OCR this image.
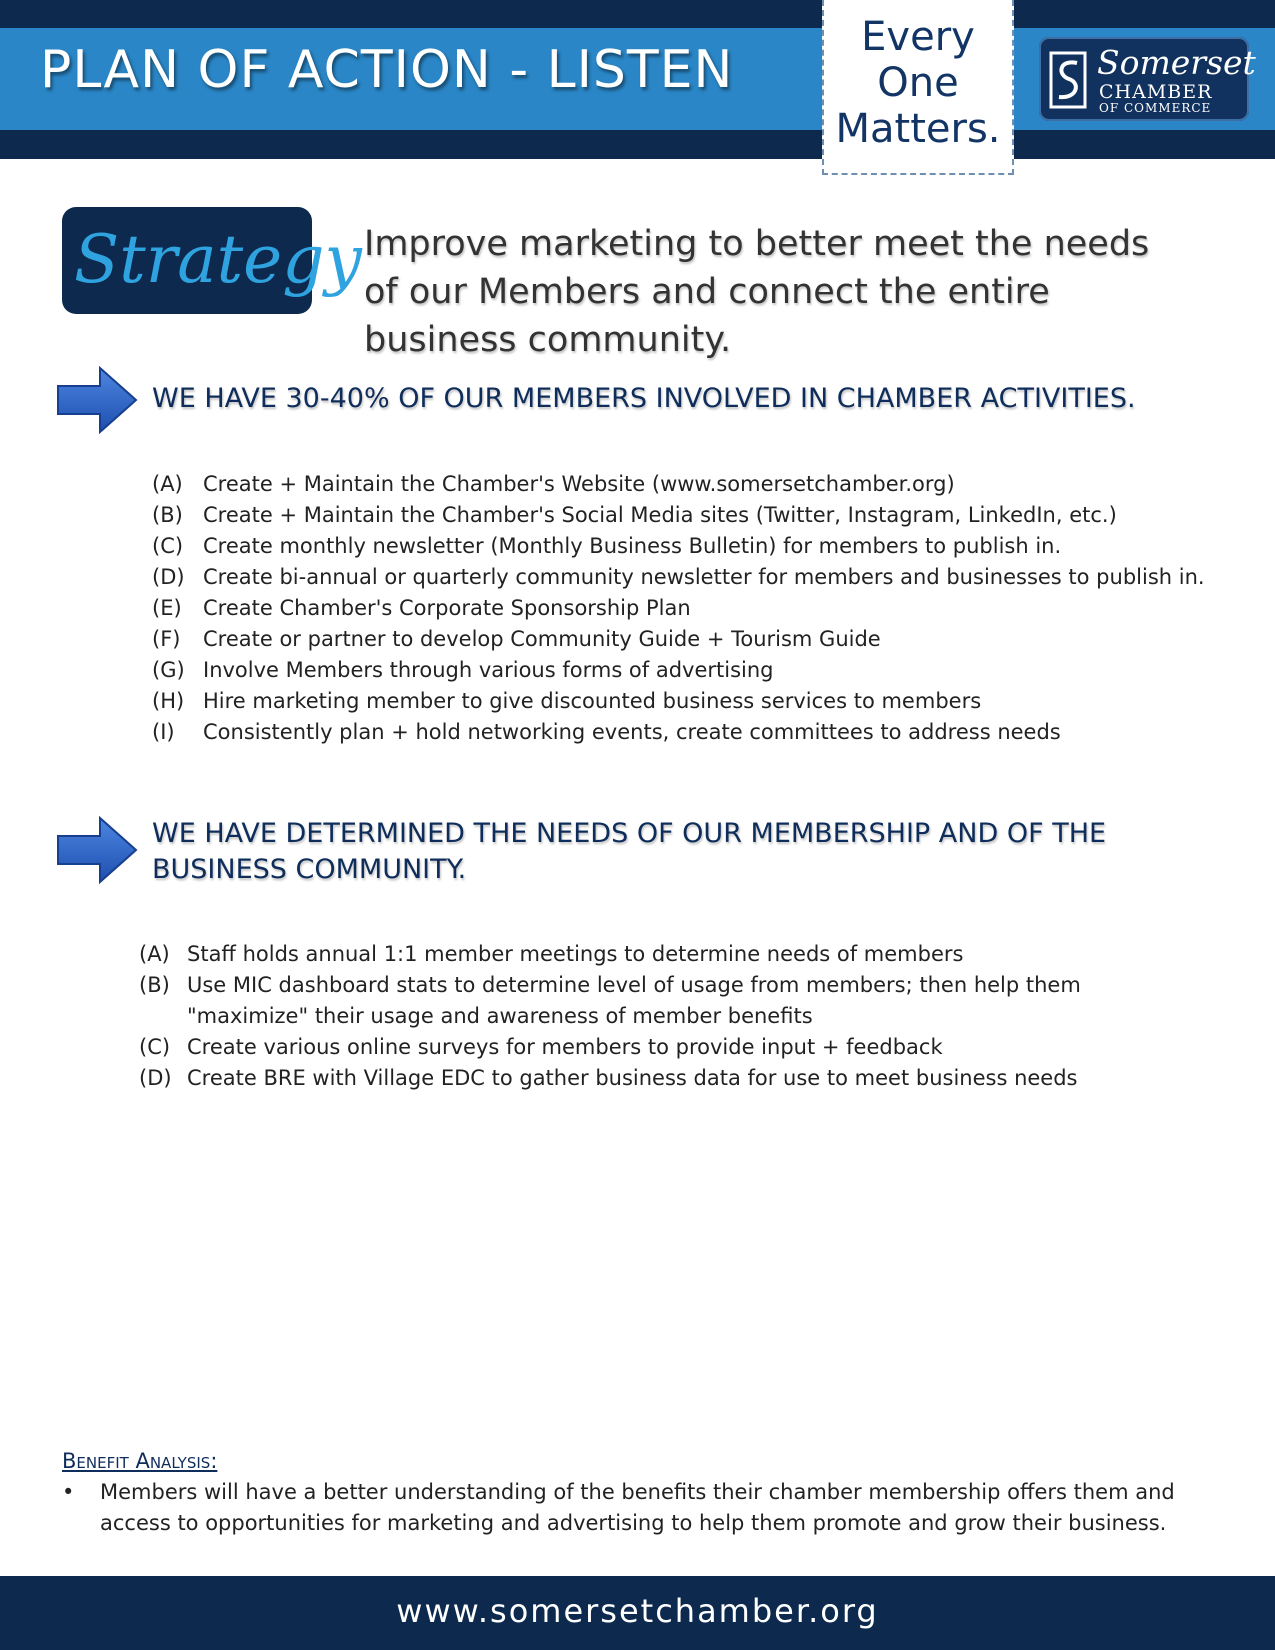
PLAN OF ACTION - LISTEN
Every
One
Matters.
Somerset
CHAMBER
OF COMMERCE
Strategy Improve marketing to better meet the needs of our Members and connect the entire business community.
WE HAVE 30-40% OF OUR MEMBERS INVOLVED IN CHAMBER ACTIVITIES.
(A) Create + Maintain the Chamber's Website (www.somersetchamber.org)
(B) Create + Maintain the Chamber's Social Media sites (Twitter, Instagram, LinkedIn, etc.)
(C) Create monthly newsletter (Monthly Business Bulletin) for members to publish in.
(D) Create bi-annual or quarterly community newsletter for members and businesses to publish in.
(E) Create Chamber's Corporate Sponsorship Plan
(F) Create or partner to develop Community Guide + Tourism Guide
(G) Involve Members through various forms of advertising
(H) Hire marketing member to give discounted business services to members
(I) Consistently plan + hold networking events, create committees to address needs
WE HAVE DETERMINED THE NEEDS OF OUR MEMBERSHIP AND OF THE BUSINESS COMMUNITY.
(A) Staff holds annual 1:1 member meetings to determine needs of members
(B) Use MIC dashboard stats to determine level of usage from members; then help them "maximize" their usage and awareness of member benefits
(C) Create various online surveys for members to provide input + feedback
(D) Create BRE with Village EDC to gather business data for use to meet business needs
Benefit Analysis:
• Members will have a better understanding of the benefits their chamber membership offers them and access to opportunities for marketing and advertising to help them promote and grow their business.
www.somersetchamber.org
